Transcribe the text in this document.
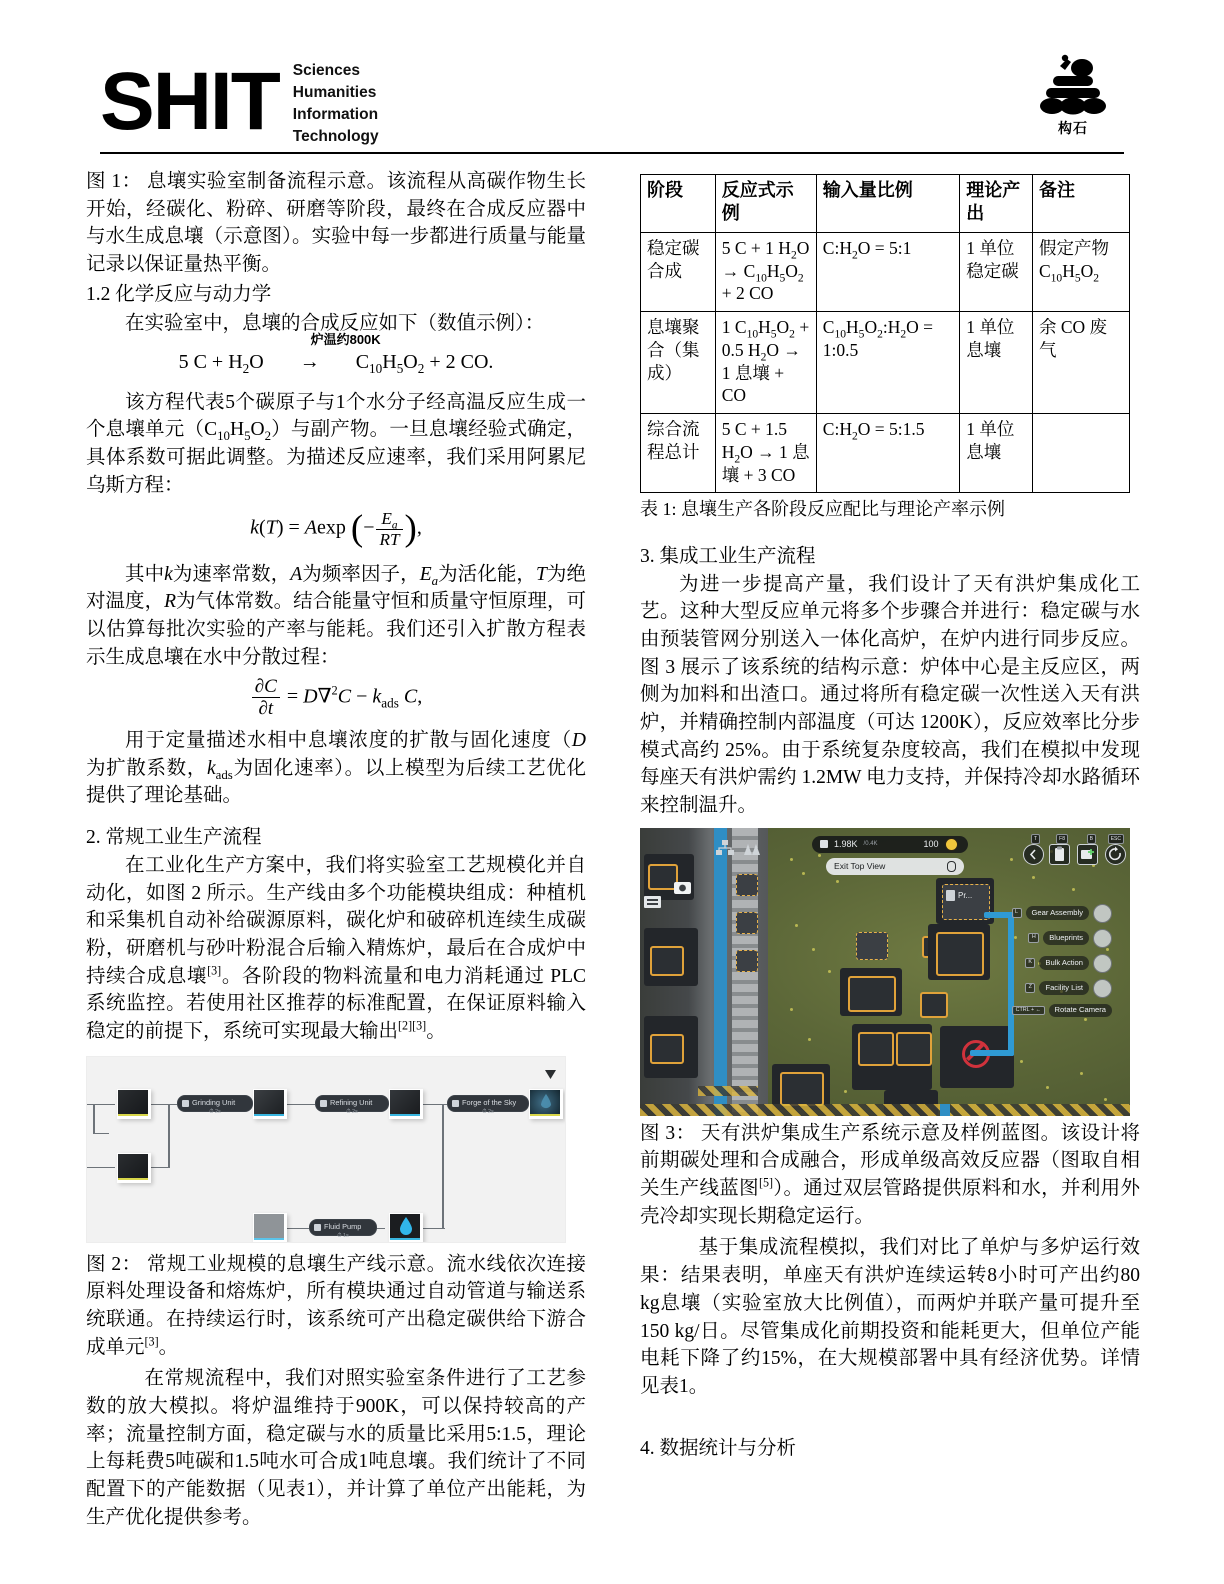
SHIT Sciences
Humanities
Information
Technology	构石

图 1： 息壤实验室制备流程示意。该流程从高碳作物生长开始，经碳化、粉碎、研磨等阶段，最终在合成反应器中与水生成息壤（示意图）。实验中每一步都进行质量与能量记录以保证量热平衡。

1.2 化学反应与动力学

在实验室中，息壤的合成反应如下（数值示例）：

炉温约800K
5 $C + H_2O \to C_{10}H_5O_2 + 2$ CO.

该方程代表5个碳原子与1个水分子经高温反应生成一个息壤单元$(C_{10}H_5O_2)$与副产物。一旦息壤经验式确定，具体系数可据此调整。为描述反应速率，我们采用阿累尼乌斯方程：

k(T) = Aexp (− $\frac{E_a}{RT}$ ),

其中k为速率常数，A为频率因子，$E_a$为活化能，T为绝对温度，R为气体常数。结合能量守恒和质量守恒原理，可以估算每批次实验的产率与能耗。我们还引入扩散方程表示生成息壤在水中分散过程：

$\frac{\partial C}{\partial t} = D\nabla^2C - k_{ads}$ C,

用于定量描述水相中息壤浓度的扩散与固化速度（D 为扩散系数，$k_{ads}$为固化速率）。以上模型为后续工艺优化提供了理论基础。

2. 常规工业生产流程

在工业化生产方案中，我们将实验室工艺规模化并自动化，如图 2 所示。生产线由多个功能模块组成：种植机和采集机自动补给碳源原料，碳化炉和破碎机连续生成碳粉，研磨机与砂叶粉混合后输入精炼炉，最后在合成炉中持续合成息壤[3]。各阶段的物料流量和电力消耗通过 PLC 系统监控。若使用社区推荐的标准配置，在保证原料输入稳定的前提下，系统可实现最大输出[2][3]。

Grinding Unit
⏱ 2s
Refining Unit
⏱ 2s
Forge of the Sky
⏱ 2s
Fluid Pump
⏱ 1s

图 2： 常规工业规模的息壤生产线示意。流水线依次连接原料处理设备和熔炼炉，所有模块通过自动管道与输送系统联通。在持续运行时，该系统可产出稳定碳供给下游合成单元[3]。

在常规流程中，我们对照实验室条件进行了工艺参数的放大模拟。将炉温维持于900K，可以保持较高的产率；流量控制方面，稳定碳与水的质量比采用5:1.5，理论上每耗费5吨碳和1.5吨水可合成1吨息壤。我们统计了不同配置下的产能数据（见表1），并计算了单位产出能耗，为生产优化提供参考。

阶段	反应式示例	输入量比例	理论产出	备注
稳定碳合成	5 C + 1 $H_2O \to C_{10}H_5O_2 + 2$ CO	$C:H_2O$ = 5:1	1 单位稳定碳	假定产物 $C_{10}H_5O_2$
息壤聚合（集成）	1 $C_{10}H_5O_2 + 0.5$ $H_2O \to 1$ 息壤 + CO	$C_{10}H_5O_2:H_2O$ = 1:0.5	1 单位息壤	余 CO 废气
综合流程总计	5 C + 1.5 $H_2O \to 1$ 息壤 + 3 CO	$C:H_2O$ = 5:1.5	1 单位息壤	

表 1: 息壤生产各阶段反应配比与理论产率示例

3. 集成工业生产流程

为进一步提高产量，我们设计了天有洪炉集成化工艺。这种大型反应单元将多个步骤合并进行：稳定碳与水由预装管网分别送入一体化高炉，在炉内进行同步反应。图 3 展示了该系统的结构示意：炉体中心是主反应区，两侧为加料和出渣口。通过将所有稳定碳一次性送入天有洪炉，并精确控制内部温度（可达 1200K），反应效率比分步模式高约 25%。由于系统复杂度较高，我们在模拟中发现每座天有洪炉需约 1.2MW 电力支持，并保持冷却水路循环来控制温升。

Pr...
1.98K /0.4K	100
Exit Top View
T	F8	B	ESC
L	Gear Assembly
H	Blueprints
K	Bulk Action
Z	Facility List
CTRL + ←	Rotate Camera

图 3： 天有洪炉集成生产系统示意及样例蓝图。该设计将前期碳处理和合成融合，形成单级高效反应器（图取自相关生产线蓝图[5]）。通过双层管路提供原料和水，并利用外壳冷却实现长期稳定运行。

基于集成流程模拟，我们对比了单炉与多炉运行效果：结果表明，单座天有洪炉连续运转8小时可产出约80 kg息壤（实验室放大比例值），而两炉并联产量可提升至150 kg/日。尽管集成化前期投资和能耗更大，但单位产能电耗下降了约15%，在大规模部署中具有经济优势。详情见表1。

4. 数据统计与分析
